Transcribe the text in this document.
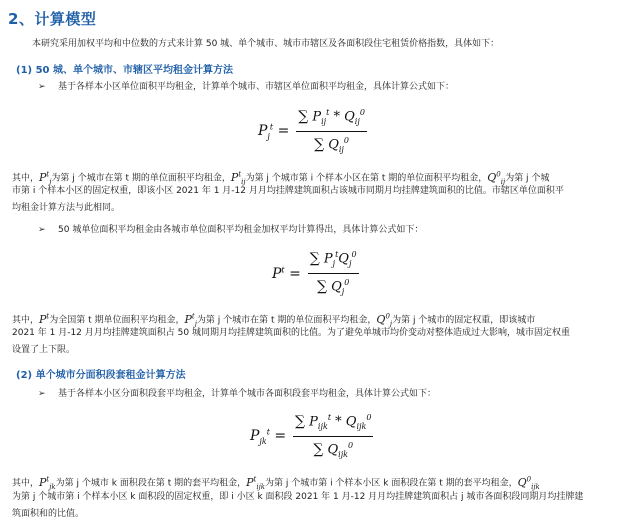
2、计算模型
本研究采用加权平均和中位数的方式来计算 50 城、单个城市、城市市辖区及各面积段住宅租赁价格指数，具体如下：
(1) 50 城、单个城市、市辖区平均租金计算方法
➢ 基于各样本小区单位面积平均租金，计算单个城市、市辖区单位面积平均租金，具体计算公式如下：
$P_j^t = \frac{\sum P_{ij}^t * Q_{ij}^0}{\sum Q_{ij}^0}$
其中，$P^t_j$为第 j 个城市在第 t 期的单位面积平均租金，$P^t_{ij}$为第 j 个城市第 i 个样本小区在第 t 期的单位面积平均租金，$Q^0_{ij}$为第 j 个城
市第 i 个样本小区的固定权重，即该小区 2021 年 1 月-12 月月均挂牌建筑面积占该城市同期月均挂牌建筑面积的比值。市辖区单位面积平
均租金计算方法与此相同。
➢ 50 城单位面积平均租金由各城市单位面积平均租金加权平均计算得出，具体计算公式如下：
$P^t = \frac{\sum P_j^tQ_j^0}{\sum Q_j^0}$
其中，$P^t$为全国第 t 期单位面积平均租金，$P^t_j$为第 j 个城市在第 t 期的单位面积平均租金，$Q^0_j$为第 j 个城市的固定权重，即该城市
2021 年 1 月-12 月月均挂牌建筑面积占 50 城同期月均挂牌建筑面积的比值。为了避免单城市均价变动对整体造成过大影响，城市固定权重
设置了上下限。
(2) 单个城市分面积段套租金计算方法
➢ 基于各样本小区分面积段套平均租金，计算单个城市各面积段套平均租金，具体计算公式如下：
$P_{jk}^t = \frac{\sum P_{ijk}^t * Q_{ijk}^0}{\sum Q_{ijk}^0}$
其中，$P^t_{jk}$为第 j 个城市 k 面积段在第 t 期的套平均租金，$P^t_{ijk}$为第 j 个城市第 i 个样本小区 k 面积段在第 t 期的套平均租金，$Q^0_{ijk}$
为第 j 个城市第 i 个样本小区 k 面积段的固定权重，即 i 小区 k 面积段 2021 年 1 月-12 月月均挂牌建筑面积占 j 城市各面积段同期月均挂牌建
筑面积和的比值。
